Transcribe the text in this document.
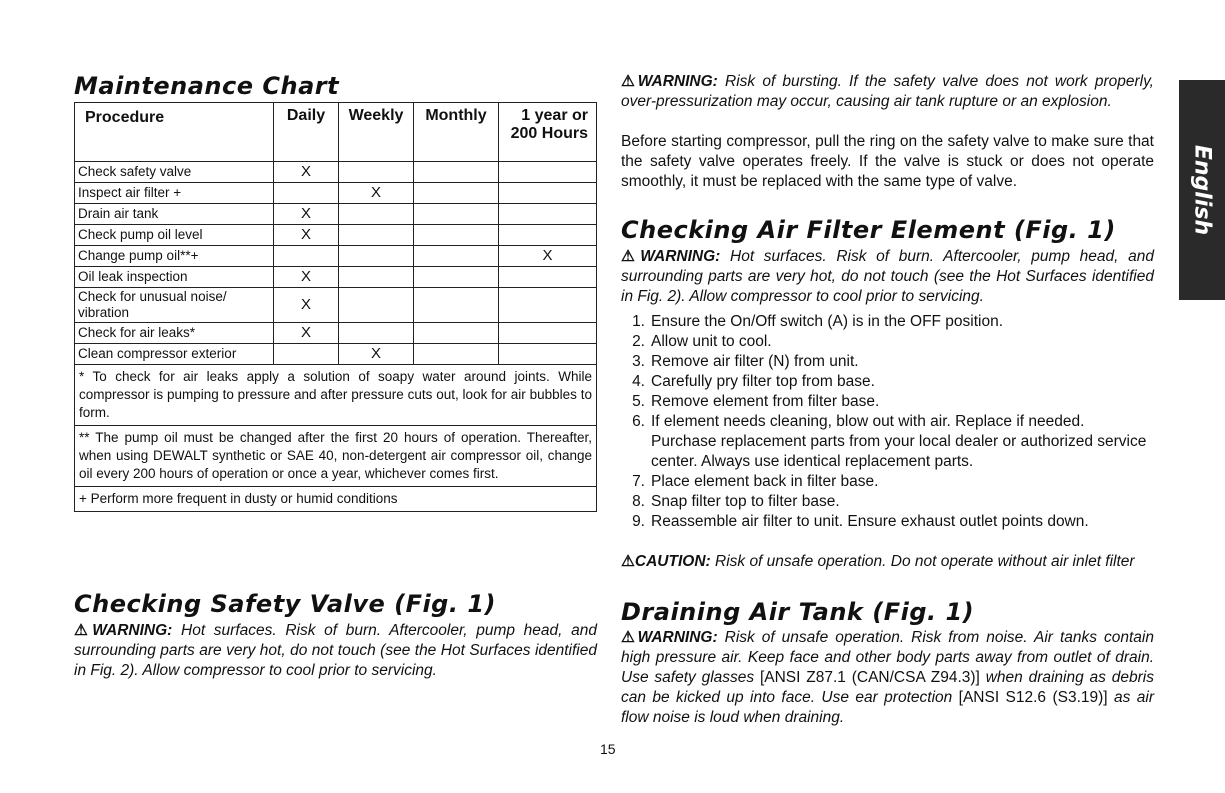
Maintenance Chart
Procedure	Daily	Weekly	Monthly	1 year or 200 Hours
Check safety valve	X			
Inspect air filter +		X		
Drain air tank	X			
Check pump oil level	X			
Change pump oil**+				X
Oil leak inspection	X			
Check for unusual noise/ vibration	X			
Check for air leaks*	X			
Clean compressor exterior		X		
* To check for air leaks apply a solution of soapy water around joints. While compressor is pumping to pressure and after pressure cuts out, look for air bubbles to form.				
** The pump oil must be changed after the first 20 hours of operation. Thereafter, when using DEWALT synthetic or SAE 40, non-detergent air compressor oil, change oil every 200 hours of operation or once a year, whichever comes first.				
+ Perform more frequent in dusty or humid conditions				
Checking Safety Valve (Fig. 1)
⚠WARNING: Hot surfaces. Risk of burn. Aftercooler, pump head, and surrounding parts are very hot, do not touch (see the Hot Surfaces identified in Fig. 2). Allow compressor to cool prior to servicing.
⚠WARNING: Risk of bursting. If the safety valve does not work properly, over-pressurization may occur, causing air tank rupture or an explosion.
Before starting compressor, pull the ring on the safety valve to make sure that the safety valve operates freely. If the valve is stuck or does not operate smoothly, it must be replaced with the same type of valve.
Checking Air Filter Element (Fig. 1)
⚠WARNING: Hot surfaces. Risk of burn. Aftercooler, pump head, and surrounding parts are very hot, do not touch (see the Hot Surfaces identified in Fig. 2). Allow compressor to cool prior to servicing.
1. Ensure the On/Off switch (A) is in the OFF position.
2. Allow unit to cool.
3. Remove air filter (N) from unit.
4. Carefully pry filter top from base.
5. Remove element from filter base.
6. If element needs cleaning, blow out with air. Replace if needed. Purchase replacement parts from your local dealer or authorized service center. Always use identical replacement parts.
7. Place element back in filter base.
8. Snap filter top to filter base.
9. Reassemble air filter to unit. Ensure exhaust outlet points down.
⚠CAUTION: Risk of unsafe operation. Do not operate without air inlet filter
Draining Air Tank (Fig. 1)
⚠WARNING: Risk of unsafe operation. Risk from noise. Air tanks contain high pressure air. Keep face and other body parts away from outlet of drain. Use safety glasses [ANSI Z87.1 (CAN/CSA Z94.3)] when draining as debris can be kicked up into face. Use ear protection [ANSI S12.6 (S3.19)] as air flow noise is loud when draining.
English
15
